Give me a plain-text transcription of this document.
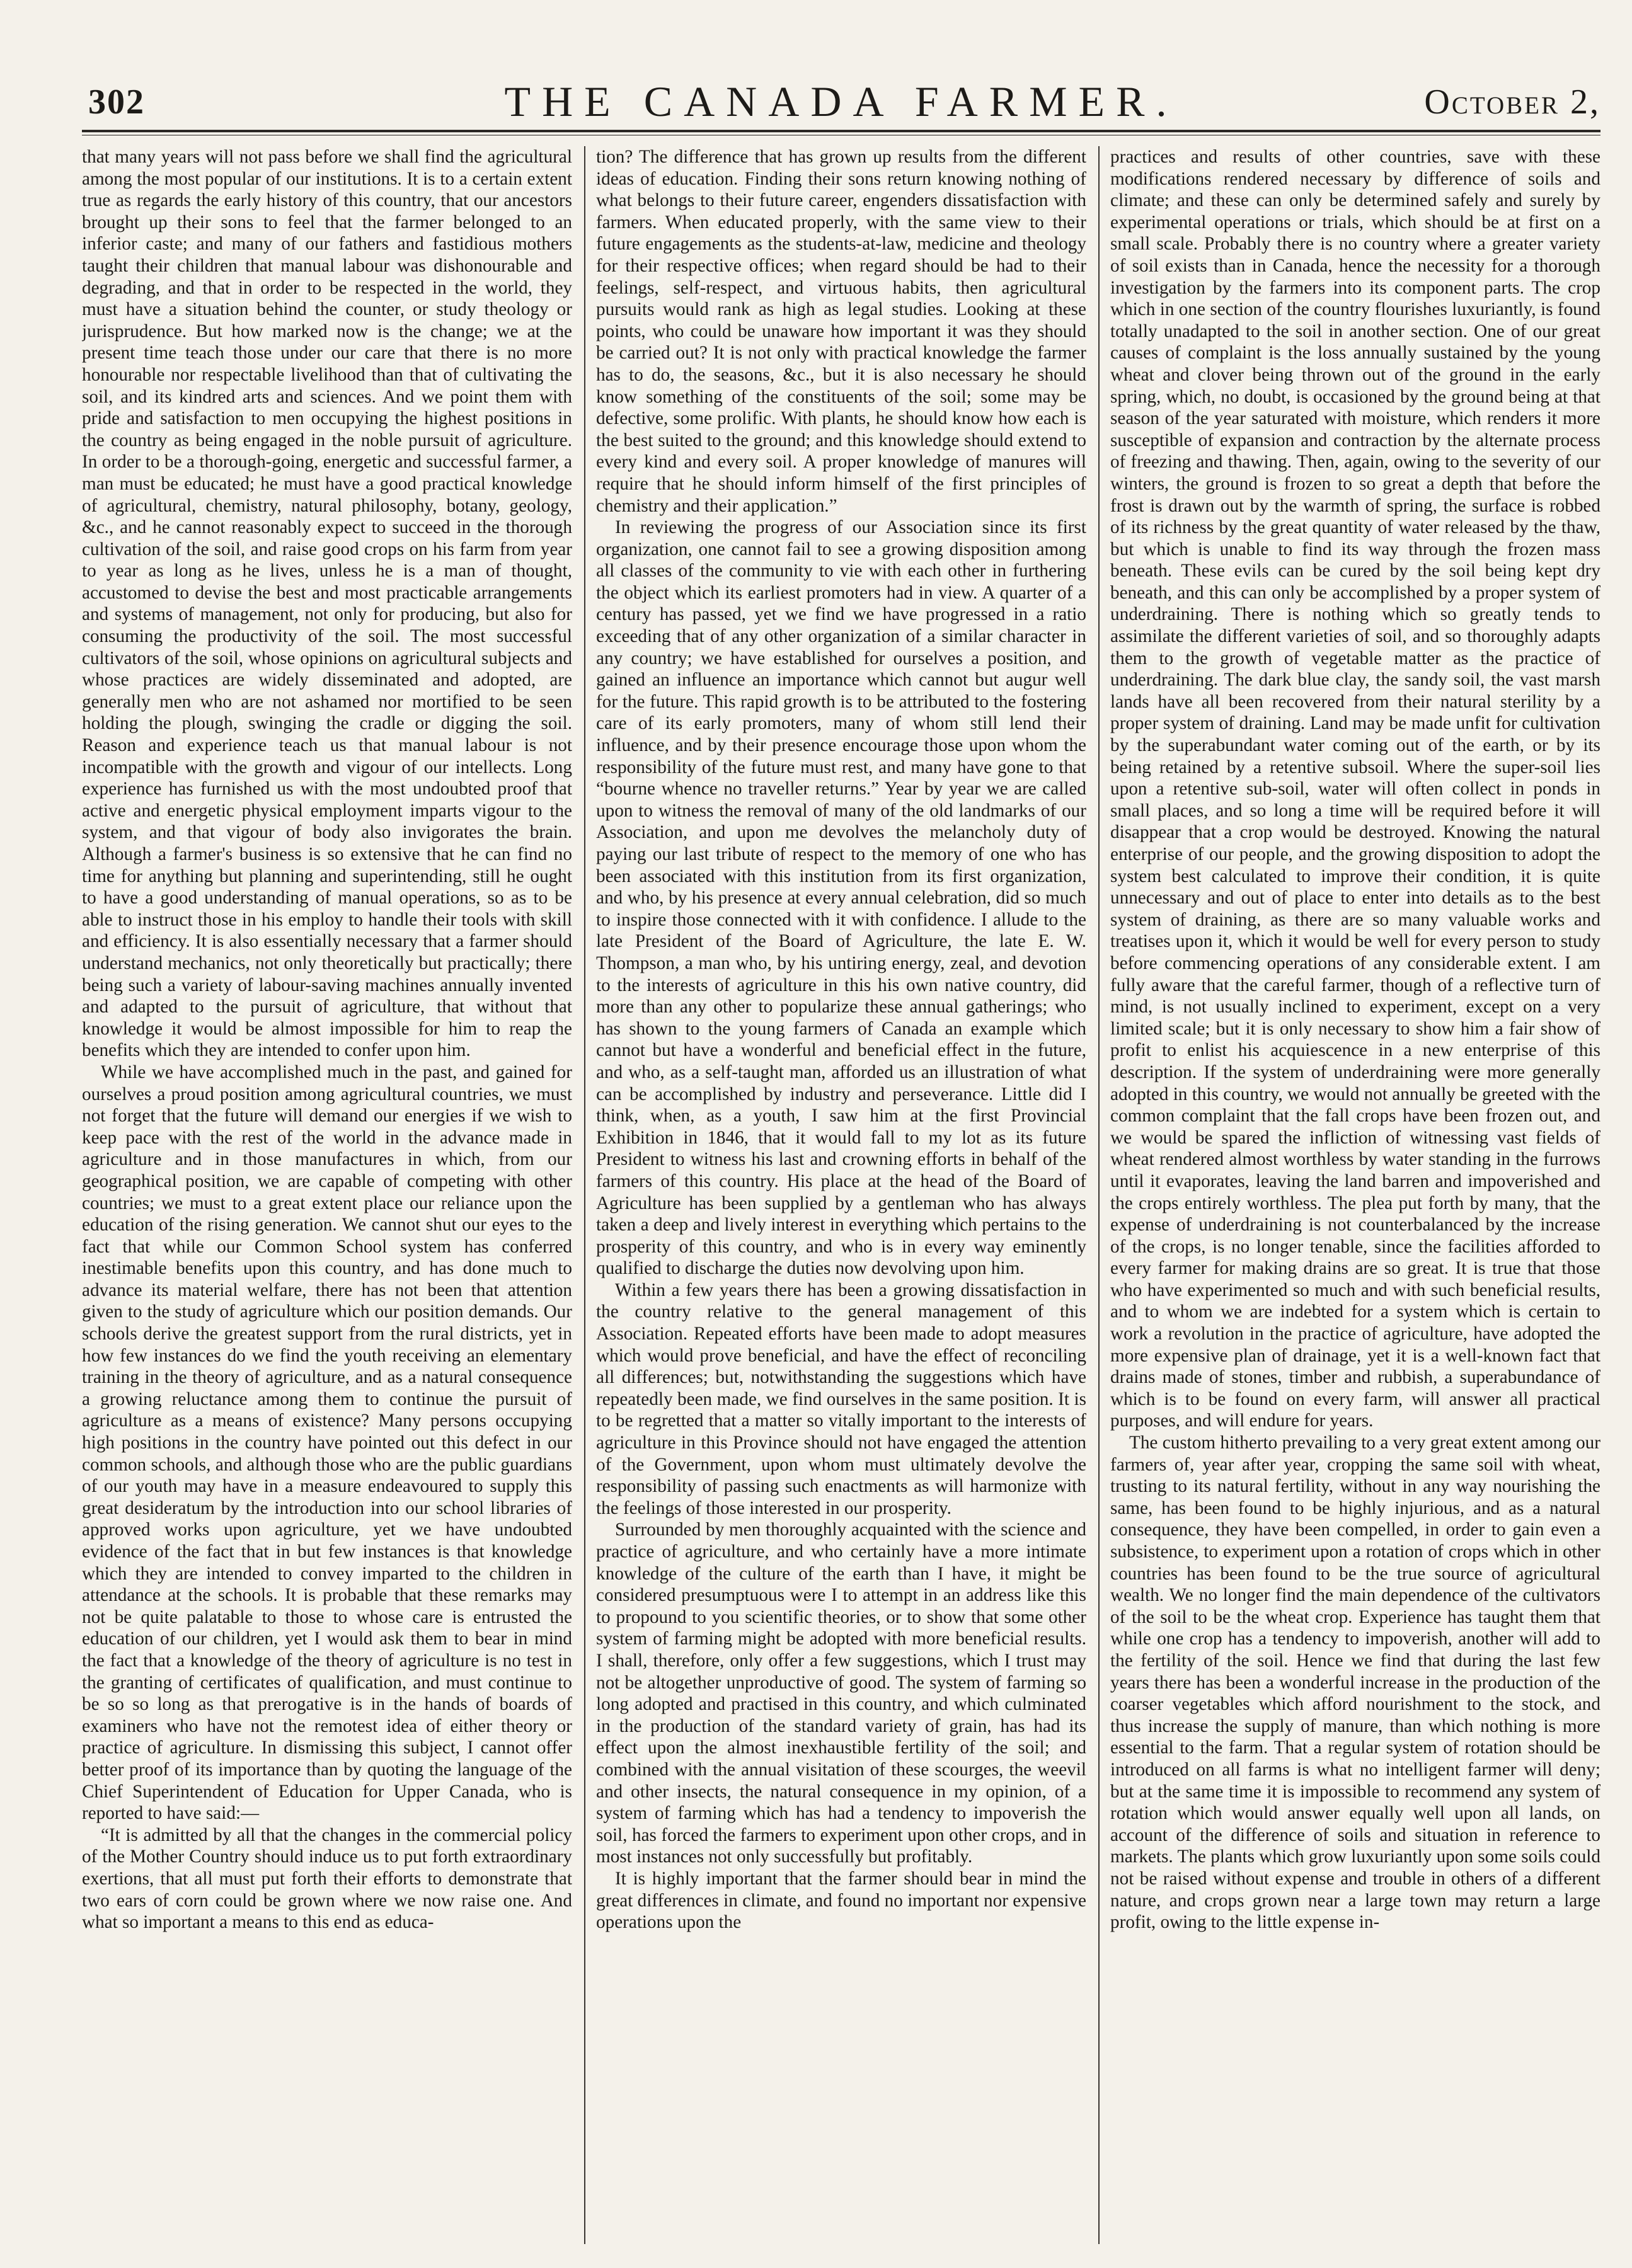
302	THE CANADA FARMER.	October 2,

that many years will not pass before we shall find the agricultural among the most popular of our institutions. It is to a certain extent true as regards the early history of this country, that our ancestors brought up their sons to feel that the farmer belonged to an inferior caste; and many of our fathers and fastidious mothers taught their children that manual labour was dishonourable and degrading, and that in order to be respected in the world, they must have a situation behind the counter, or study theology or jurisprudence. But how marked now is the change; we at the present time teach those under our care that there is no more honourable nor respectable livelihood than that of cultivating the soil, and its kindred arts and sciences. And we point them with pride and satisfaction to men occupying the highest positions in the country as being engaged in the noble pursuit of agriculture. In order to be a thorough-going, energetic and successful farmer, a man must be educated; he must have a good practical knowledge of agricultural, chemistry, natural philosophy, botany, geology, &c., and he cannot reasonably expect to succeed in the thorough cultivation of the soil, and raise good crops on his farm from year to year as long as he lives, unless he is a man of thought, accustomed to devise the best and most practicable arrangements and systems of management, not only for producing, but also for consuming the productivity of the soil. The most successful cultivators of the soil, whose opinions on agricultural subjects and whose practices are widely disseminated and adopted, are generally men who are not ashamed nor mortified to be seen holding the plough, swinging the cradle or digging the soil. Reason and experience teach us that manual labour is not incompatible with the growth and vigour of our intellects. Long experience has furnished us with the most undoubted proof that active and energetic physical employment imparts vigour to the system, and that vigour of body also invigorates the brain. Although a farmer's business is so extensive that he can find no time for anything but planning and superintending, still he ought to have a good understanding of manual operations, so as to be able to instruct those in his employ to handle their tools with skill and efficiency. It is also essentially necessary that a farmer should understand mechanics, not only theoretically but practically; there being such a variety of labour-saving machines annually invented and adapted to the pursuit of agriculture, that without that knowledge it would be almost impossible for him to reap the benefits which they are intended to confer upon him.

While we have accomplished much in the past, and gained for ourselves a proud position among agricultural countries, we must not forget that the future will demand our energies if we wish to keep pace with the rest of the world in the advance made in agriculture and in those manufactures in which, from our geographical position, we are capable of competing with other countries; we must to a great extent place our reliance upon the education of the rising generation. We cannot shut our eyes to the fact that while our Common School system has conferred inestimable benefits upon this country, and has done much to advance its material welfare, there has not been that attention given to the study of agriculture which our position demands. Our schools derive the greatest support from the rural districts, yet in how few instances do we find the youth receiving an elementary training in the theory of agriculture, and as a natural consequence a growing reluctance among them to continue the pursuit of agriculture as a means of existence? Many persons occupying high positions in the country have pointed out this defect in our common schools, and although those who are the public guardians of our youth may have in a measure endeavoured to supply this great desideratum by the introduction into our school libraries of approved works upon agriculture, yet we have undoubted evidence of the fact that in but few instances is that knowledge which they are intended to convey imparted to the children in attendance at the schools. It is probable that these remarks may not be quite palatable to those to whose care is entrusted the education of our children, yet I would ask them to bear in mind the fact that a knowledge of the theory of agriculture is no test in the granting of certificates of qualification, and must continue to be so so long as that prerogative is in the hands of boards of examiners who have not the remotest idea of either theory or practice of agriculture. In dismissing this subject, I cannot offer better proof of its importance than by quoting the language of the Chief Superintendent of Education for Upper Canada, who is reported to have said:—

“It is admitted by all that the changes in the commercial policy of the Mother Country should induce us to put forth extraordinary exertions, that all must put forth their efforts to demonstrate that two ears of corn could be grown where we now raise one. And what so important a means to this end as educa-

tion? The difference that has grown up results from the different ideas of education. Finding their sons return knowing nothing of what belongs to their future career, engenders dissatisfaction with farmers. When educated properly, with the same view to their future engagements as the students-at-law, medicine and theology for their respective offices; when regard should be had to their feelings, self-respect, and virtuous habits, then agricultural pursuits would rank as high as legal studies. Looking at these points, who could be unaware how important it was they should be carried out? It is not only with practical knowledge the farmer has to do, the seasons, &c., but it is also necessary he should know something of the constituents of the soil; some may be defective, some prolific. With plants, he should know how each is the best suited to the ground; and this knowledge should extend to every kind and every soil. A proper knowledge of manures will require that he should inform himself of the first principles of chemistry and their application.”

In reviewing the progress of our Association since its first organization, one cannot fail to see a growing disposition among all classes of the community to vie with each other in furthering the object which its earliest promoters had in view. A quarter of a century has passed, yet we find we have progressed in a ratio exceeding that of any other organization of a similar character in any country; we have established for ourselves a position, and gained an influence an importance which cannot but augur well for the future. This rapid growth is to be attributed to the fostering care of its early promoters, many of whom still lend their influence, and by their presence encourage those upon whom the responsibility of the future must rest, and many have gone to that “bourne whence no traveller returns.” Year by year we are called upon to witness the removal of many of the old landmarks of our Association, and upon me devolves the melancholy duty of paying our last tribute of respect to the memory of one who has been associated with this institution from its first organization, and who, by his presence at every annual celebration, did so much to inspire those connected with it with confidence. I allude to the late President of the Board of Agriculture, the late E. W. Thompson, a man who, by his untiring energy, zeal, and devotion to the interests of agriculture in this his own native country, did more than any other to popularize these annual gatherings; who has shown to the young farmers of Canada an example which cannot but have a wonderful and beneficial effect in the future, and who, as a self-taught man, afforded us an illustration of what can be accomplished by industry and perseverance. Little did I think, when, as a youth, I saw him at the first Provincial Exhibition in 1846, that it would fall to my lot as its future President to witness his last and crowning efforts in behalf of the farmers of this country. His place at the head of the Board of Agriculture has been supplied by a gentleman who has always taken a deep and lively interest in everything which pertains to the prosperity of this country, and who is in every way eminently qualified to discharge the duties now devolving upon him.

Within a few years there has been a growing dissatisfaction in the country relative to the general management of this Association. Repeated efforts have been made to adopt measures which would prove beneficial, and have the effect of reconciling all differences; but, notwithstanding the suggestions which have repeatedly been made, we find ourselves in the same position. It is to be regretted that a matter so vitally important to the interests of agriculture in this Province should not have engaged the attention of the Government, upon whom must ultimately devolve the responsibility of passing such enactments as will harmonize with the feelings of those interested in our prosperity.

Surrounded by men thoroughly acquainted with the science and practice of agriculture, and who certainly have a more intimate knowledge of the culture of the earth than I have, it might be considered presumptuous were I to attempt in an address like this to propound to you scientific theories, or to show that some other system of farming might be adopted with more beneficial results. I shall, therefore, only offer a few suggestions, which I trust may not be altogether unproductive of good. The system of farming so long adopted and practised in this country, and which culminated in the production of the standard variety of grain, has had its effect upon the almost inexhaustible fertility of the soil; and combined with the annual visitation of these scourges, the weevil and other insects, the natural consequence in my opinion, of a system of farming which has had a tendency to impoverish the soil, has forced the farmers to experiment upon other crops, and in most instances not only successfully but profitably.

It is highly important that the farmer should bear in mind the great differences in climate, and found no important nor expensive operations upon the

practices and results of other countries, save with these modifications rendered necessary by difference of soils and climate; and these can only be determined safely and surely by experimental operations or trials, which should be at first on a small scale. Probably there is no country where a greater variety of soil exists than in Canada, hence the necessity for a thorough investigation by the farmers into its component parts. The crop which in one section of the country flourishes luxuriantly, is found totally unadapted to the soil in another section. One of our great causes of complaint is the loss annually sustained by the young wheat and clover being thrown out of the ground in the early spring, which, no doubt, is occasioned by the ground being at that season of the year saturated with moisture, which renders it more susceptible of expansion and contraction by the alternate process of freezing and thawing. Then, again, owing to the severity of our winters, the ground is frozen to so great a depth that before the frost is drawn out by the warmth of spring, the surface is robbed of its richness by the great quantity of water released by the thaw, but which is unable to find its way through the frozen mass beneath. These evils can be cured by the soil being kept dry beneath, and this can only be accomplished by a proper system of underdraining. There is nothing which so greatly tends to assimilate the different varieties of soil, and so thoroughly adapts them to the growth of vegetable matter as the practice of underdraining. The dark blue clay, the sandy soil, the vast marsh lands have all been recovered from their natural sterility by a proper system of draining. Land may be made unfit for cultivation by the superabundant water coming out of the earth, or by its being retained by a retentive subsoil. Where the super-soil lies upon a retentive sub-soil, water will often collect in ponds in small places, and so long a time will be required before it will disappear that a crop would be destroyed. Knowing the natural enterprise of our people, and the growing disposition to adopt the system best calculated to improve their condition, it is quite unnecessary and out of place to enter into details as to the best system of draining, as there are so many valuable works and treatises upon it, which it would be well for every person to study before commencing operations of any considerable extent. I am fully aware that the careful farmer, though of a reflective turn of mind, is not usually inclined to experiment, except on a very limited scale; but it is only necessary to show him a fair show of profit to enlist his acquiescence in a new enterprise of this description. If the system of underdraining were more generally adopted in this country, we would not annually be greeted with the common complaint that the fall crops have been frozen out, and we would be spared the infliction of witnessing vast fields of wheat rendered almost worthless by water standing in the furrows until it evaporates, leaving the land barren and impoverished and the crops entirely worthless. The plea put forth by many, that the expense of underdraining is not counterbalanced by the increase of the crops, is no longer tenable, since the facilities afforded to every farmer for making drains are so great. It is true that those who have experimented so much and with such beneficial results, and to whom we are indebted for a system which is certain to work a revolution in the practice of agriculture, have adopted the more expensive plan of drainage, yet it is a well-known fact that drains made of stones, timber and rubbish, a superabundance of which is to be found on every farm, will answer all practical purposes, and will endure for years.

The custom hitherto prevailing to a very great extent among our farmers of, year after year, cropping the same soil with wheat, trusting to its natural fertility, without in any way nourishing the same, has been found to be highly injurious, and as a natural consequence, they have been compelled, in order to gain even a subsistence, to experiment upon a rotation of crops which in other countries has been found to be the true source of agricultural wealth. We no longer find the main dependence of the cultivators of the soil to be the wheat crop. Experience has taught them that while one crop has a tendency to impoverish, another will add to the fertility of the soil. Hence we find that during the last few years there has been a wonderful increase in the production of the coarser vegetables which afford nourishment to the stock, and thus increase the supply of manure, than which nothing is more essential to the farm. That a regular system of rotation should be introduced on all farms is what no intelligent farmer will deny; but at the same time it is impossible to recommend any system of rotation which would answer equally well upon all lands, on account of the difference of soils and situation in reference to markets. The plants which grow luxuriantly upon some soils could not be raised without expense and trouble in others of a different nature, and crops grown near a large town may return a large profit, owing to the little expense in-
